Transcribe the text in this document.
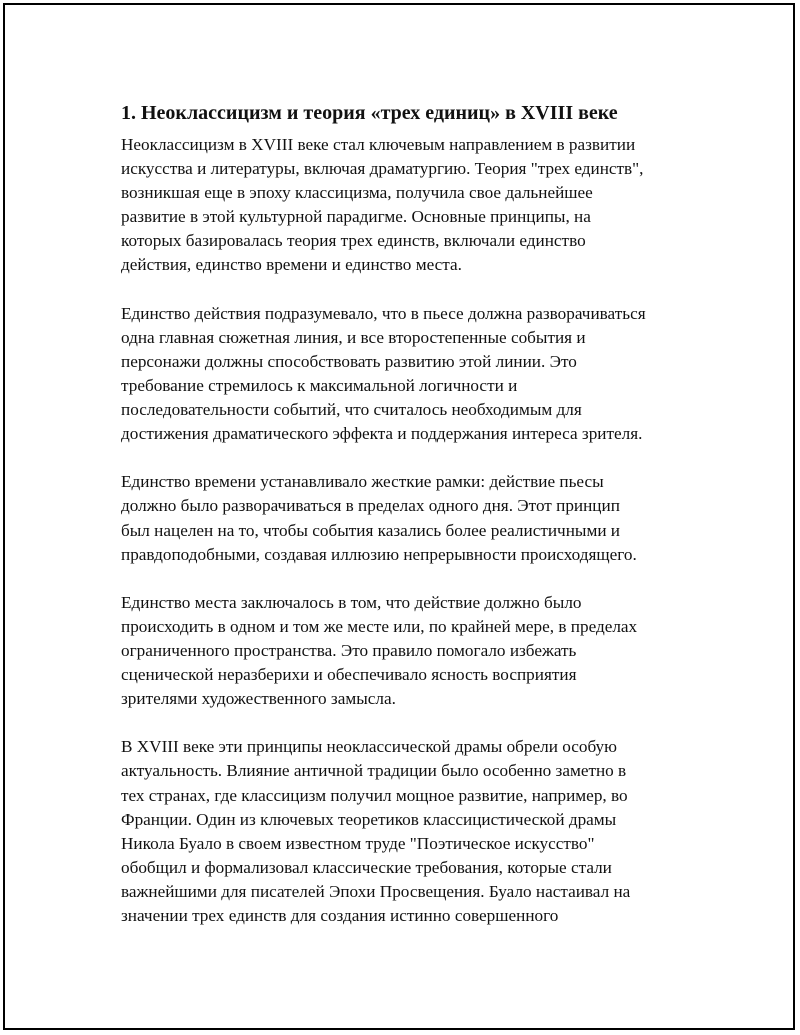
1. Неоклассицизм и теория «трех единиц» в XVIII веке

Неоклассицизм в XVIII веке стал ключевым направлением в развитии
искусства и литературы, включая драматургию. Теория "трех единств",
возникшая еще в эпоху классицизма, получила свое дальнейшее
развитие в этой культурной парадигме. Основные принципы, на
которых базировалась теория трех единств, включали единство
действия, единство времени и единство места.

Единство действия подразумевало, что в пьесе должна разворачиваться
одна главная сюжетная линия, и все второстепенные события и
персонажи должны способствовать развитию этой линии. Это
требование стремилось к максимальной логичности и
последовательности событий, что считалось необходимым для
достижения драматического эффекта и поддержания интереса зрителя.

Единство времени устанавливало жесткие рамки: действие пьесы
должно было разворачиваться в пределах одного дня. Этот принцип
был нацелен на то, чтобы события казались более реалистичными и
правдоподобными, создавая иллюзию непрерывности происходящего.

Единство места заключалось в том, что действие должно было
происходить в одном и том же месте или, по крайней мере, в пределах
ограниченного пространства. Это правило помогало избежать
сценической неразберихи и обеспечивало ясность восприятия
зрителями художественного замысла.

В XVIII веке эти принципы неоклассической драмы обрели особую
актуальность. Влияние античной традиции было особенно заметно в
тех странах, где классицизм получил мощное развитие, например, во
Франции. Один из ключевых теоретиков классицистической драмы
Никола Буало в своем известном труде "Поэтическое искусство"
обобщил и формализовал классические требования, которые стали
важнейшими для писателей Эпохи Просвещения. Буало настаивал на
значении трех единств для создания истинно совершенного
